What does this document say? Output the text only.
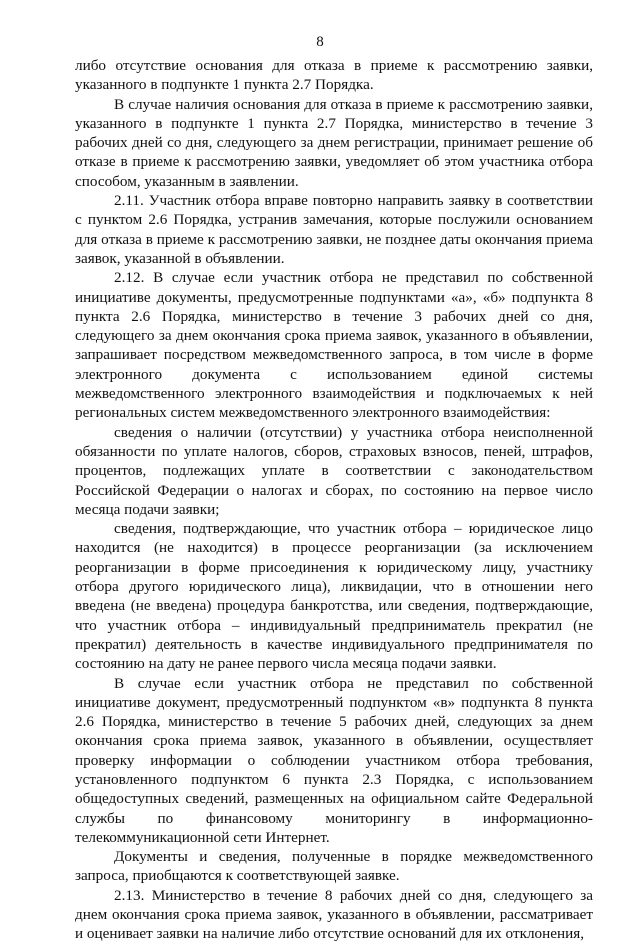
8

либо отсутствие основания для отказа в приеме к рассмотрению заявки, указанного в подпункте 1 пункта 2.7 Порядка.

В случае наличия основания для отказа в приеме к рассмотрению заявки, указанного в подпункте 1 пункта 2.7 Порядка, министерство в течение 3 рабочих дней со дня, следующего за днем регистрации, принимает решение об отказе в приеме к рассмотрению заявки, уведомляет об этом участника отбора способом, указанным в заявлении.

2.11. Участник отбора вправе повторно направить заявку в соответствии с пунктом 2.6 Порядка, устранив замечания, которые послужили основанием для отказа в приеме к рассмотрению заявки, не позднее даты окончания приема заявок, указанной в объявлении.

2.12. В случае если участник отбора не представил по собственной инициативе документы, предусмотренные подпунктами «а», «б» подпункта 8 пункта 2.6 Порядка, министерство в течение 3 рабочих дней со дня, следующего за днем окончания срока приема заявок, указанного в объявлении, запрашивает посредством межведомственного запроса, в том числе в форме электронного документа с использованием единой системы межведомственного электронного взаимодействия и подключаемых к ней региональных систем межведомственного электронного взаимодействия:

сведения о наличии (отсутствии) у участника отбора неисполненной обязанности по уплате налогов, сборов, страховых взносов, пеней, штрафов, процентов, подлежащих уплате в соответствии с законодательством Российской Федерации о налогах и сборах, по состоянию на первое число месяца подачи заявки;

сведения, подтверждающие, что участник отбора – юридическое лицо находится (не находится) в процессе реорганизации (за исключением реорганизации в форме присоединения к юридическому лицу, участнику отбора другого юридического лица), ликвидации, что в отношении него введена (не введена) процедура банкротства, или сведения, подтверждающие, что участник отбора – индивидуальный предприниматель прекратил (не прекратил) деятельность в качестве индивидуального предпринимателя по состоянию на дату не ранее первого числа месяца подачи заявки.

В случае если участник отбора не представил по собственной инициативе документ, предусмотренный подпунктом «в» подпункта 8 пункта 2.6 Порядка, министерство в течение 5 рабочих дней, следующих за днем окончания срока приема заявок, указанного в объявлении, осуществляет проверку информации о соблюдении участником отбора требования, установленного подпунктом 6 пункта 2.3 Порядка, с использованием общедоступных сведений, размещенных на официальном сайте Федеральной службы по финансовому мониторингу в информационно-телекоммуникационной сети Интернет.

Документы и сведения, полученные в порядке межведомственного запроса, приобщаются к соответствующей заявке.

2.13. Министерство в течение 8 рабочих дней со дня, следующего за днем окончания срока приема заявок, указанного в объявлении, рассматривает и оценивает заявки на наличие либо отсутствие оснований для их отклонения,
